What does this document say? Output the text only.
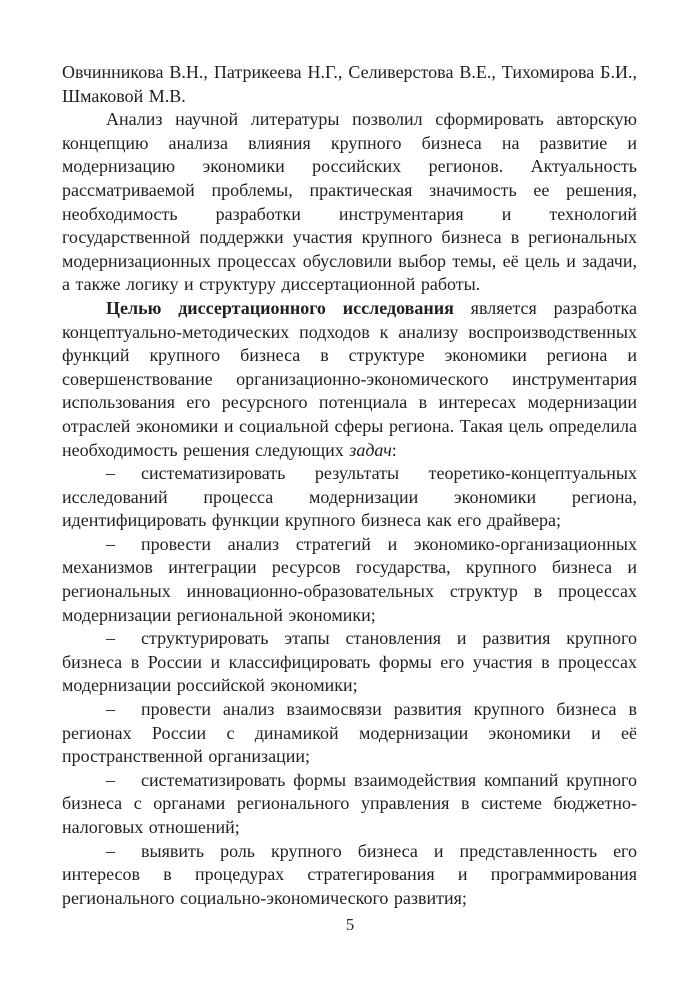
Овчинникова В.Н., Патрикеева Н.Г., Селиверстова В.Е., Тихомирова Б.И., Шмаковой М.В.

Анализ научной литературы позволил сформировать авторскую концепцию анализа влияния крупного бизнеса на развитие и модернизацию экономики российских регионов. Актуальность рассматриваемой проблемы, практическая значимость ее решения, необходимость разработки инструментария и технологий государственной поддержки участия крупного бизнеса в региональных модернизационных процессах обусловили выбор темы, её цель и задачи, а также логику и структуру диссертационной работы.

Целью диссертационного исследования является разработка концептуально-методических подходов к анализу воспроизводственных функций крупного бизнеса в структуре экономики региона и совершенствование организационно-экономического инструментария использования его ресурсного потенциала в интересах модернизации отраслей экономики и социальной сферы региона. Такая цель определила необходимость решения следующих задач:

– систематизировать результаты теоретико-концептуальных исследований процесса модернизации экономики региона, идентифицировать функции крупного бизнеса как его драйвера;

– провести анализ стратегий и экономико-организационных механизмов интеграции ресурсов государства, крупного бизнеса и региональных инновационно-образовательных структур в процессах модернизации региональной экономики;

– структурировать этапы становления и развития крупного бизнеса в России и классифицировать формы его участия в процессах модернизации российской экономики;

– провести анализ взаимосвязи развития крупного бизнеса в регионах России с динамикой модернизации экономики и её пространственной организации;

– систематизировать формы взаимодействия компаний крупного бизнеса с органами регионального управления в системе бюджетно-налоговых отношений;

– выявить роль крупного бизнеса и представленность его интересов в процедурах стратегирования и программирования регионального социально-экономического развития;

5
